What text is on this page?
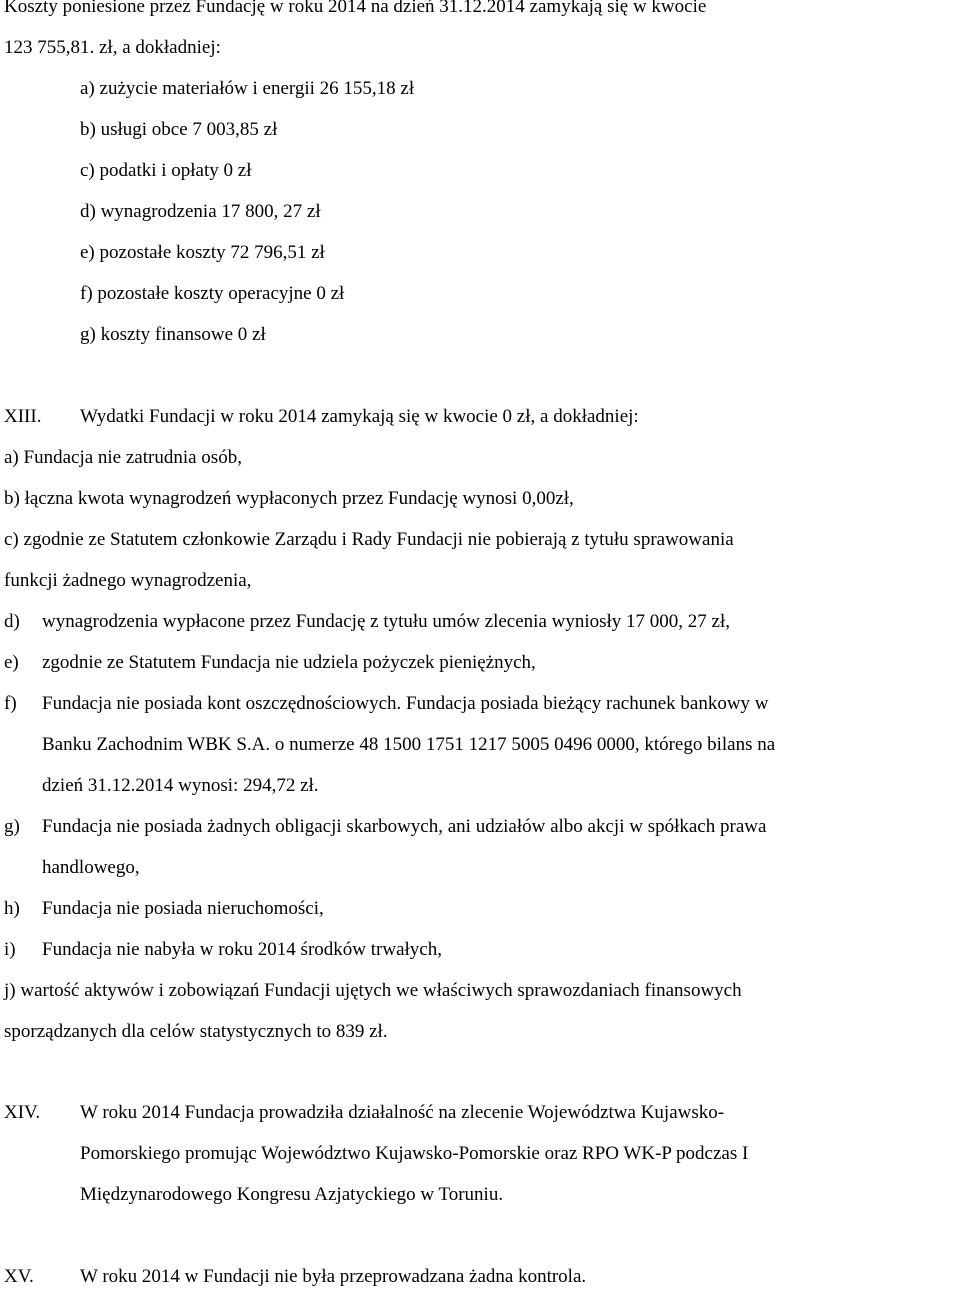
Koszty poniesione przez Fundację w roku 2014 na dzień 31.12.2014 zamykają się w kwocie

123 755,81. zł, a dokładniej:

a) zużycie materiałów i energii 26 155,18 zł

b) usługi obce 7 003,85 zł

c) podatki i opłaty 0 zł

d) wynagrodzenia 17 800, 27 zł

e) pozostałe koszty 72 796,51 zł

f) pozostałe koszty operacyjne 0 zł

g) koszty finansowe 0 zł

XIII. Wydatki Fundacji w roku 2014 zamykają się w kwocie 0 zł, a dokładniej:

a) Fundacja nie zatrudnia osób,

b) łączna kwota wynagrodzeń wypłaconych przez Fundację wynosi 0,00zł,

c) zgodnie ze Statutem członkowie Zarządu i Rady Fundacji nie pobierają z tytułu sprawowania

funkcji żadnego wynagrodzenia,

d) wynagrodzenia wypłacone przez Fundację z tytułu umów zlecenia wyniosły 17 000, 27 zł,

e) zgodnie ze Statutem Fundacja nie udziela pożyczek pieniężnych,

f) Fundacja nie posiada kont oszczędnościowych. Fundacja posiada bieżący rachunek bankowy w

Banku Zachodnim WBK S.A. o numerze 48 1500 1751 1217 5005 0496 0000, którego bilans na

dzień 31.12.2014 wynosi: 294,72 zł.

g) Fundacja nie posiada żadnych obligacji skarbowych, ani udziałów albo akcji w spółkach prawa

handlowego,

h) Fundacja nie posiada nieruchomości,

i) Fundacja nie nabyła w roku 2014 środków trwałych,

j) wartość aktywów i zobowiązań Fundacji ujętych we właściwych sprawozdaniach finansowych

sporządzanych dla celów statystycznych to 839 zł.

XIV. W roku 2014 Fundacja prowadziła działalność na zlecenie Województwa Kujawsko-

Pomorskiego promując Województwo Kujawsko-Pomorskie oraz RPO WK-P podczas I

Międzynarodowego Kongresu Azjatyckiego w Toruniu.

XV. W roku 2014 w Fundacji nie była przeprowadzana żadna kontrola.
